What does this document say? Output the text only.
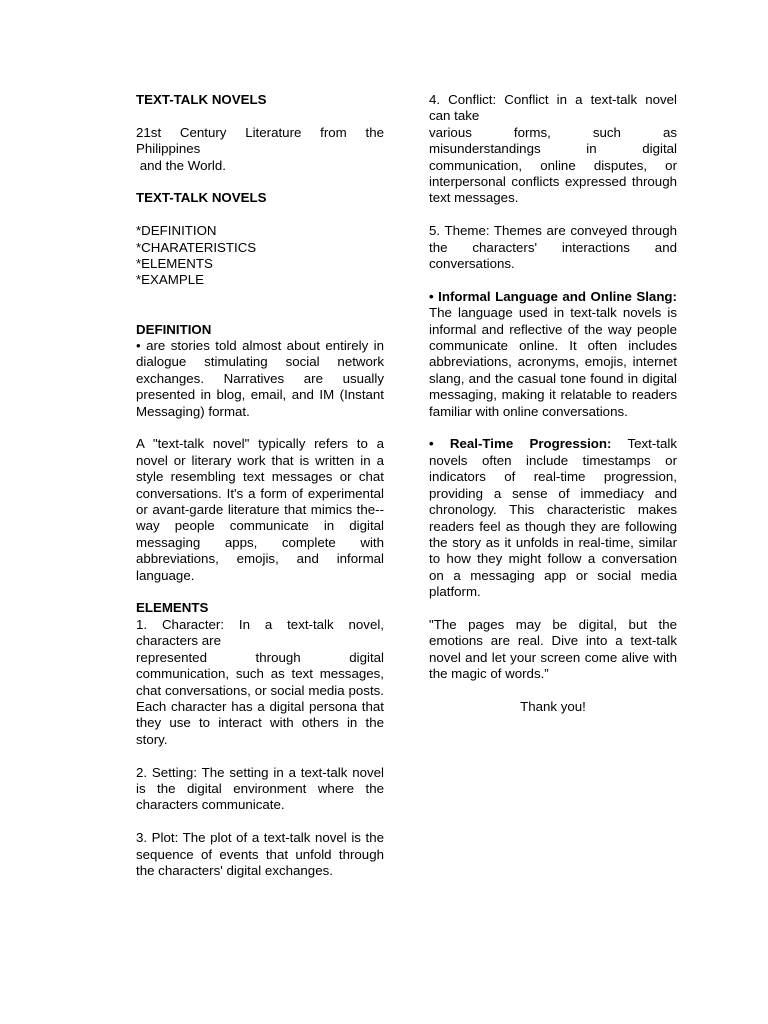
TEXT-TALK NOVELS

21st Century Literature from the
Philippines
and the World.

TEXT-TALK NOVELS

*DEFINITION
*CHARATERISTICS
*ELEMENTS
*EXAMPLE
DEFINITION

• are stories told almost about entirely in dialogue stimulating social network exchanges. Narratives are usually presented in blog, email, and IM (Instant Messaging) format.

A "text-talk novel" typically refers to a novel or literary work that is written in a style resembling text messages or chat conversations. It's a form of experimental or avant-garde literature that mimics the-- way people communicate in digital messaging apps, complete with abbreviations, emojis, and informal language.

ELEMENTS
1. Character: In a text-talk novel,
characters are
represented through digital communication, such as text messages, chat conversations, or social media posts. Each character has a digital persona that they use to interact with others in the story.

2. Setting: The setting in a text-talk novel is the digital environment where the characters communicate.

3. Plot: The plot of a text-talk novel is the sequence of events that unfold through the characters' digital exchanges.

4. Conflict: Conflict in a text-talk novel
can take
various forms, such as misunderstandings in digital communication, online disputes, or interpersonal conflicts expressed through text messages.

5. Theme: Themes are conveyed through the characters' interactions and conversations.

• Informal Language and Online Slang: The language used in text-talk novels is informal and reflective of the way people communicate online. It often includes abbreviations, acronyms, emojis, internet slang, and the casual tone found in digital messaging, making it relatable to readers familiar with online conversations.

• Real-Time Progression: Text-talk novels often include timestamps or indicators of real-time progression, providing a sense of immediacy and chronology. This characteristic makes readers feel as though they are following the story as it unfolds in real-time, similar to how they might follow a conversation on a messaging app or social media platform.

"The pages may be digital, but the emotions are real. Dive into a text-talk novel and let your screen come alive with the magic of words.”

Thank you!
